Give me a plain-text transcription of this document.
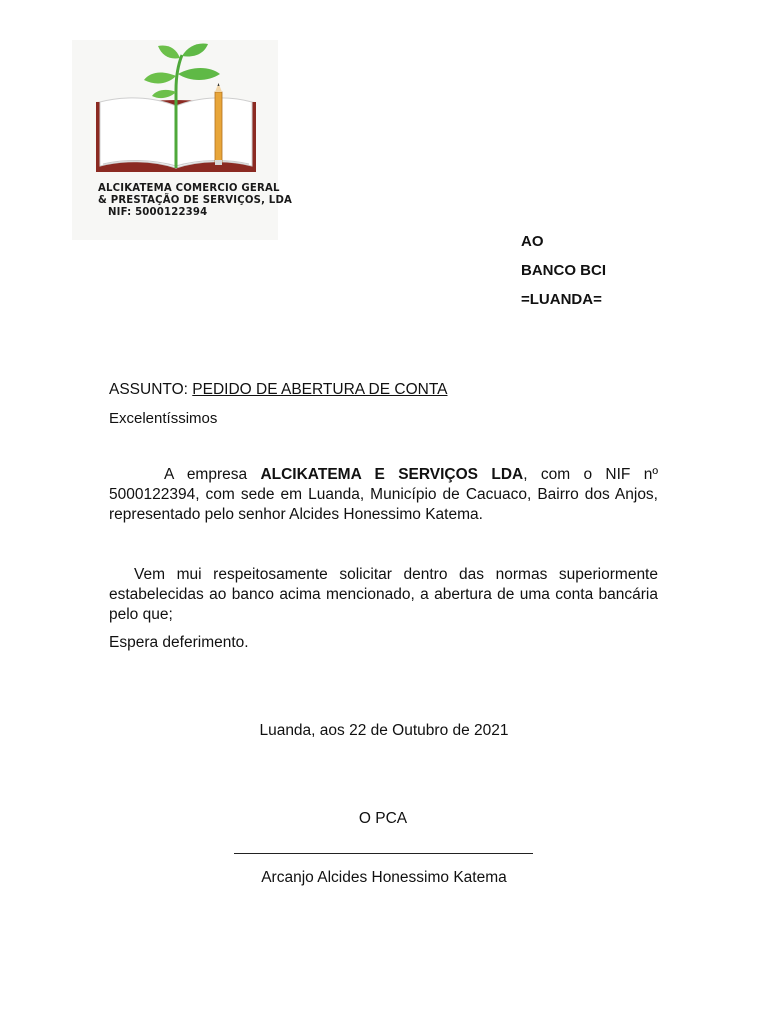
ALCIKATEMA COMERCIO GERAL
& PRESTAÇÃO DE SERVIÇOS, LDA
NIF: 5000122394
AO
BANCO BCI
=LUANDA=
ASSUNTO: PEDIDO DE ABERTURA DE CONTA
Excelentíssimos
A empresa ALCIKATEMA E SERVIÇOS LDA, com o NIF nº 5000122394, com sede em Luanda, Município de Cacuaco, Bairro dos Anjos, representado pelo senhor Alcides Honessimo Katema.
Vem mui respeitosamente solicitar dentro das normas superiormente estabelecidas ao banco acima mencionado, a abertura de uma conta bancária pelo que;
Espera deferimento.
Luanda, aos 22 de Outubro de 2021
O PCA
Arcanjo Alcides Honessimo Katema
